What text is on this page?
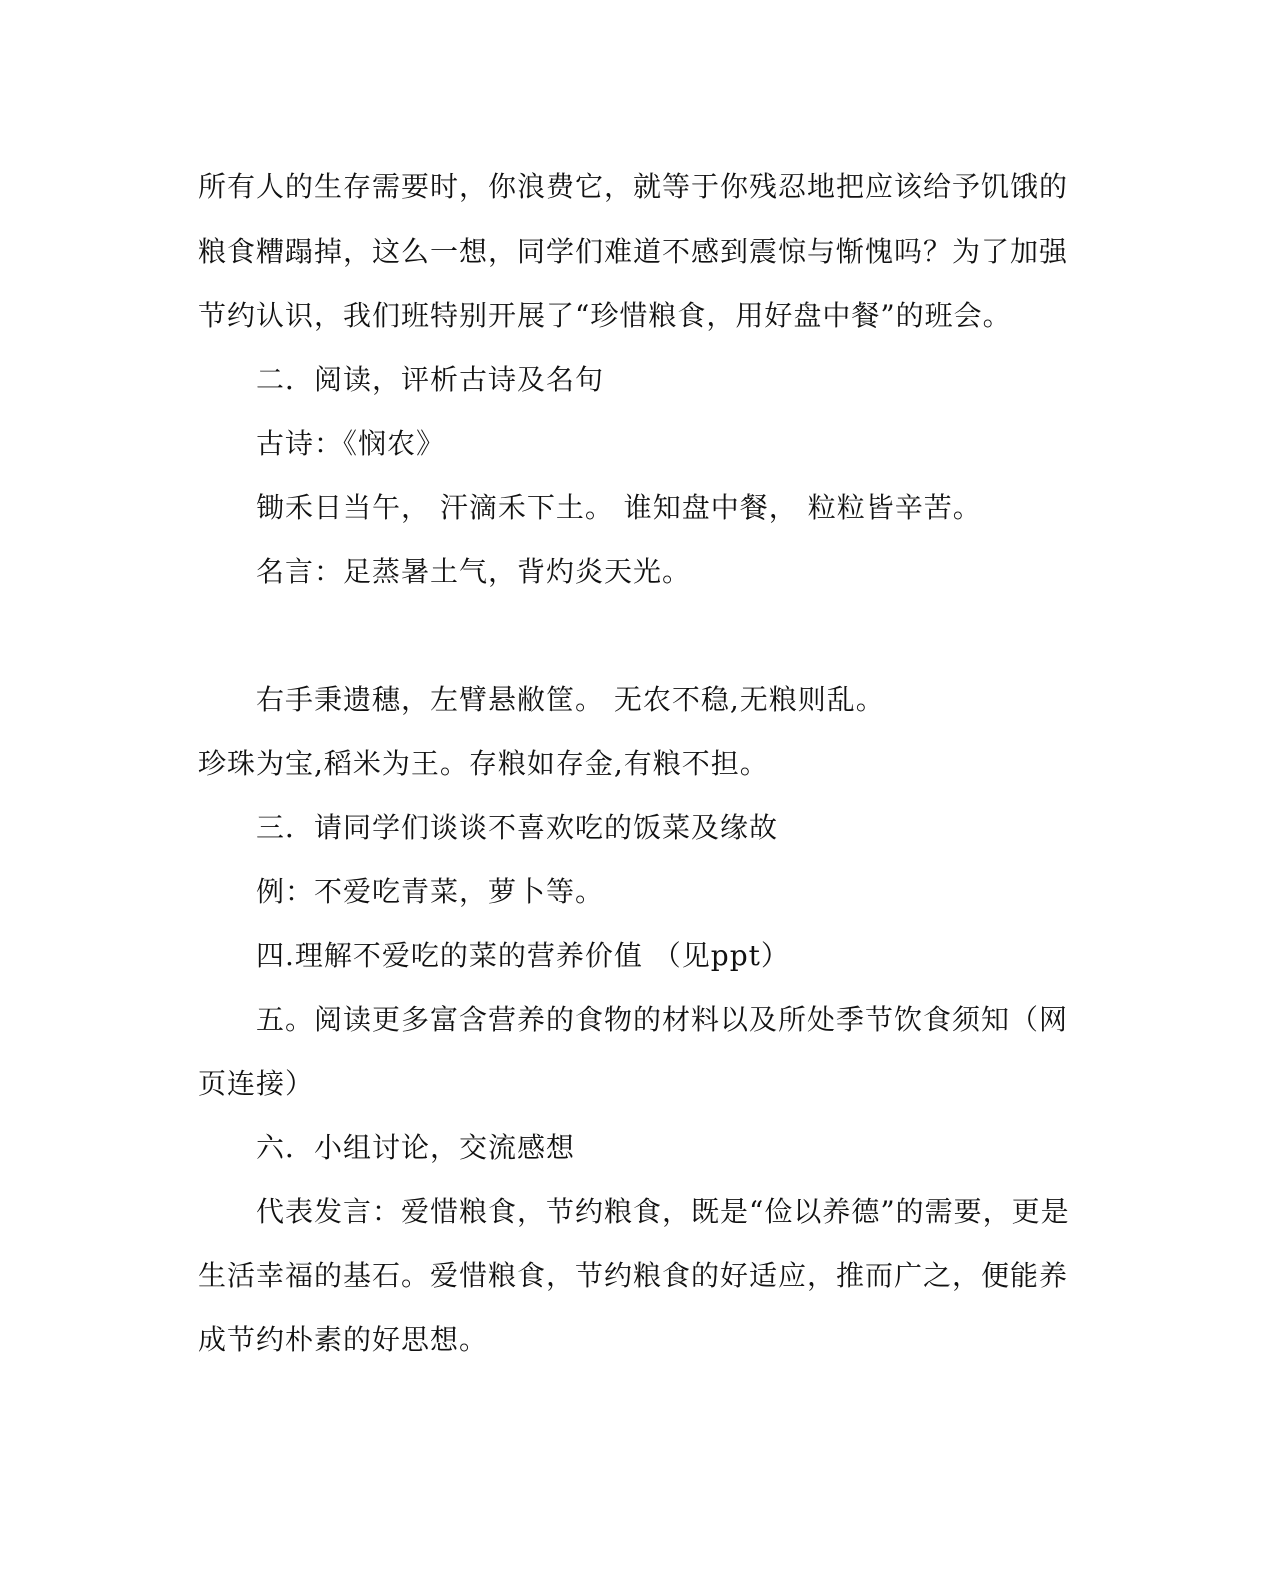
所有人的生存需要时，你浪费它，就等于你残忍地把应该给予饥饿的
粮食糟蹋掉，这么一想，同学们难道不感到震惊与惭愧吗？为了加强
节约认识，我们班特别开展了“珍惜粮食，用好盘中餐”的班会。
二．阅读，评析古诗及名句
古诗：《悯农》
锄禾日当午， 汗滴禾下土。 谁知盘中餐， 粒粒皆辛苦。
名言：足蒸暑土气，背灼炎天光。
右手秉遗穗，左臂悬敝筐。 无农不稳,无粮则乱。
珍珠为宝,稻米为王。存粮如存金,有粮不担。
三．请同学们谈谈不喜欢吃的饭菜及缘故
例：不爱吃青菜，萝卜等。
四.理解不爱吃的菜的营养价值 （见ppt）
五。阅读更多富含营养的食物的材料以及所处季节饮食须知（网
页连接）
六．小组讨论，交流感想
代表发言：爱惜粮食，节约粮食，既是“俭以养德”的需要，更是
生活幸福的基石。爱惜粮食，节约粮食的好适应，推而广之，便能养
成节约朴素的好思想。
